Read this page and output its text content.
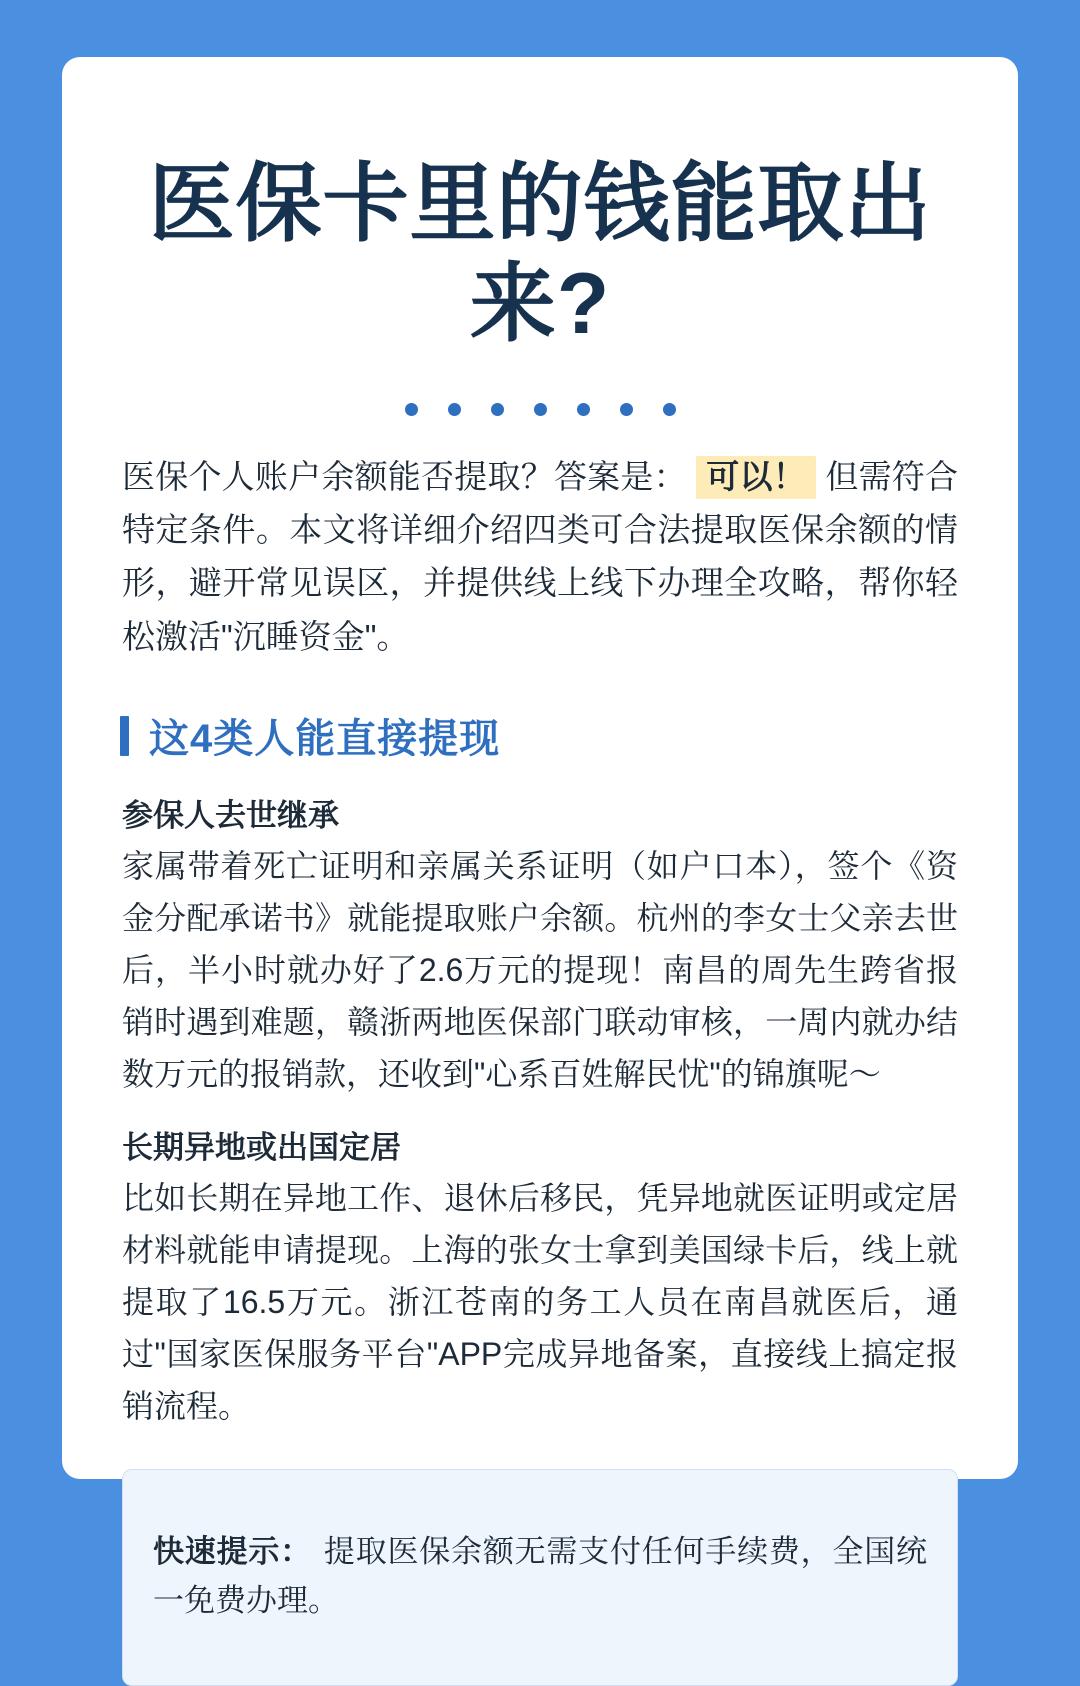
医保卡里的钱能取出来?

医保个人账户余额能否提取？答案是： 可以！ 但需符合特定条件。本文将详细介绍四类可合法提取医保余额的情形，避开常见误区，并提供线上线下办理全攻略，帮你轻松激活"沉睡资金"。

这4类人能直接提现
参保人去世继承

家属带着死亡证明和亲属关系证明（如户口本），签个《资金分配承诺书》就能提取账户余额。杭州的李女士父亲去世后，半小时就办好了2.6万元的提现！南昌的周先生跨省报销时遇到难题，赣浙两地医保部门联动审核，一周内就办结数万元的报销款，还收到"心系百姓解民忧"的锦旗呢～

长期异地或出国定居

比如长期在异地工作、退休后移民，凭异地就医证明或定居材料就能申请提现。上海的张女士拿到美国绿卡后，线上就提取了16.5万元。浙江苍南的务工人员在南昌就医后，通过"国家医保服务平台"APP完成异地备案，直接线上搞定报销流程。

快速提示： 提取医保余额无需支付任何手续费，全国统一免费办理。
